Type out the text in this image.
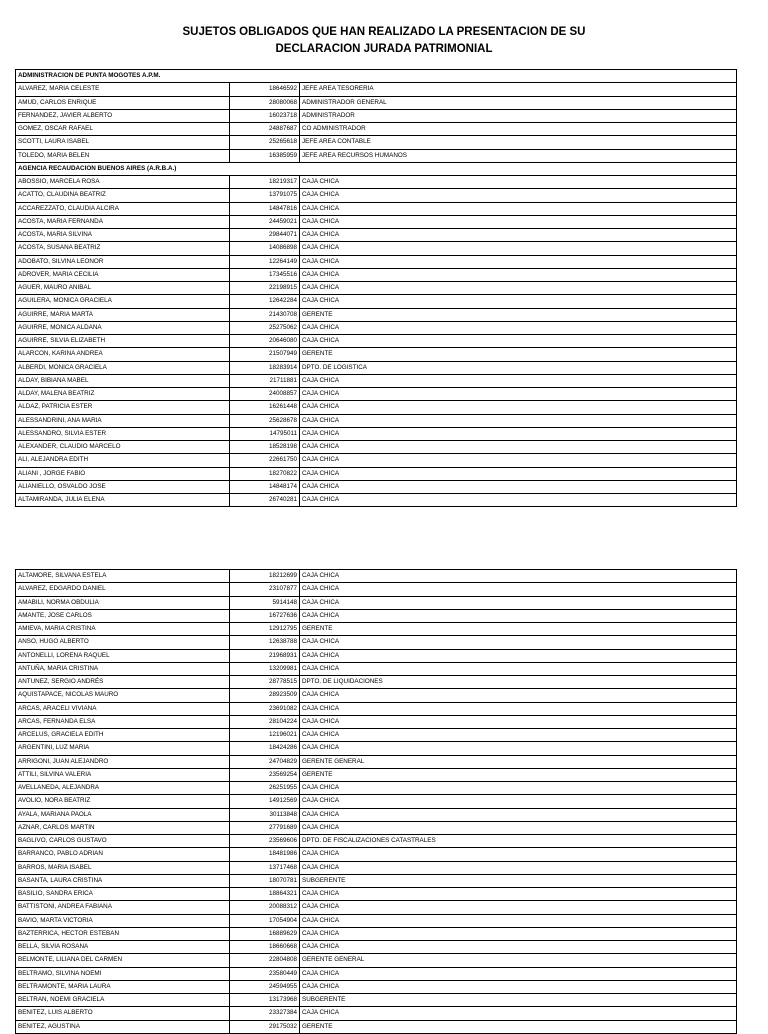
SUJETOS OBLIGADOS QUE HAN REALIZADO LA PRESENTACION DE SU
DECLARACION JURADA PATRIMONIAL
ADMINISTRACION DE PUNTA MOGOTES A.P.M.		
ALVAREZ, MARIA CELESTE	18646592	JEFE AREA TESORERIA
AMUD, CARLOS ENRIQUE	28080068	ADMINISTRADOR GENERAL
FERNANDEZ, JAVIER ALBERTO	16023718	ADMINISTRADOR
GOMEZ, OSCAR RAFAEL	24887687	CO ADMINISTRADOR
SCOTTI, LAURA ISABEL	25265618	JEFE AREA CONTABLE
TOLEDO, MARIA BELEN	16385959	JEFE AREA RECURSOS HUMANOS
AGENCIA RECAUDACION BUENOS AIRES (A.R.B.A.)		
ABOSSIO, MARCELA ROSA	18219317	CAJA CHICA
ACATTO, CLAUDINA BEATRIZ	13791075	CAJA CHICA
ACCAREZZATO, CLAUDIA ALCIRA	14847816	CAJA CHICA
ACOSTA, MARIA FERNANDA	24459021	CAJA CHICA
ACOSTA, MARIA SILVINA	29844071	CAJA CHICA
ACOSTA, SUSANA BEATRIZ	14086898	CAJA CHICA
ADOBATO, SILVINA LEONOR	12264149	CAJA CHICA
ADROVER, MARIA CECILIA	17345516	CAJA CHICA
AGUER, MAURO ANIBAL	22198915	CAJA CHICA
AGUILERA, MONICA GRACIELA	12642284	CAJA CHICA
AGUIRRE, MARIA MARTA	21430708	GERENTE
AGUIRRE, MONICA ALDANA	25275062	CAJA CHICA
AGUIRRE, SILVIA ELIZABETH	20646080	CAJA CHICA
ALARCON, KARINA ANDREA	21507949	GERENTE
ALBERDI, MONICA GRACIELA	18283914	DPTO. DE LOGISTICA
ALDAY, BIBIANA MABEL	21711881	CAJA CHICA
ALDAY, MALENA BEATRIZ	24008857	CAJA CHICA
ALDAZ, PATRICIA ESTER	16261448	CAJA CHICA
ALESSANDRINI, ANA MARIA	25628678	CAJA CHICA
ALESSANDRO, SILVIA ESTER	14795011	CAJA CHICA
ALEXANDER, CLAUDIO MARCELO	18528198	CAJA CHICA
ALI, ALEJANDRA EDITH	22661750	CAJA CHICA
ALIANI , JORGE FABIO	18270822	CAJA CHICA
ALIANIELLO, OSVALDO JOSE	14848174	CAJA CHICA
ALTAMIRANDA, JULIA ELENA	26740281	CAJA CHICA
ALTAMORE, SILVANA ESTELA	18212699	CAJA CHICA
ALVAREZ, EDGARDO DANIEL	23107877	CAJA CHICA
AMABILI, NORMA OBDULIA	5914148	CAJA CHICA
AMANTE, JOSE CARLOS	16727636	CAJA CHICA
AMIEVA, MARIA CRISTINA	12912795	GERENTE
ANSO, HUGO ALBERTO	12638788	CAJA CHICA
ANTONELLI, LORENA RAQUEL	21968931	CAJA CHICA
ANTUÑA, MARIA CRISTINA	13209981	CAJA CHICA
ANTUNEZ, SERGIO ANDRÉS	28778515	DPTO. DE LIQUIDACIONES
AQUISTAPACE, NICOLAS MAURO	28923509	CAJA CHICA
ARCAS, ARACELI VIVIANA	23691082	CAJA CHICA
ARCAS, FERNANDA ELSA	28104224	CAJA CHICA
ARCELUS, GRACIELA EDITH	12196021	CAJA CHICA
ARGENTINI, LUZ MARIA	18424286	CAJA CHICA
ARRIGONI, JUAN ALEJANDRO	24704829	GERENTE GENERAL
ATTILI, SILVINA VALERIA	23569254	GERENTE
AVELLANEDA, ALEJANDRA	26251955	CAJA CHICA
AVOLIO, NORA BEATRIZ	14912569	CAJA CHICA
AYALA, MARIANA PAOLA	30113848	CAJA CHICA
AZNAR, CARLOS MARTIN	27791689	CAJA CHICA
BAGLIVO, CARLOS GUSTAVO	23569606	DPTO. DE FISCALIZACIONES CATASTRALES
BARRANCO, PABLO ADRIAN	18481986	CAJA CHICA
BARROS, MARIA ISABEL	13717468	CAJA CHICA
BASANTA, LAURA CRISTINA	18070781	SUBGERENTE
BASILIO, SANDRA ERICA	18864321	CAJA CHICA
BATTISTONI, ANDREA FABIANA	20088312	CAJA CHICA
BAVIO, MARTA VICTORIA	17054904	CAJA CHICA
BAZTERRICA, HECTOR ESTEBAN	16889629	CAJA CHICA
BELLA, SILVIA ROSANA	18660668	CAJA CHICA
BELMONTE, LILIANA DEL CARMEN	22804808	GERENTE GENERAL
BELTRAMO, SILVINA NOEMI	23580449	CAJA CHICA
BELTRAMONTE, MARIA LAURA	24594955	CAJA CHICA
BELTRAN, NOEMI GRACIELA	13173968	SUBGERENTE
BENITEZ, LUIS ALBERTO	23327384	CAJA CHICA
BENITEZ, AGUSTINA	29175032	GERENTE
